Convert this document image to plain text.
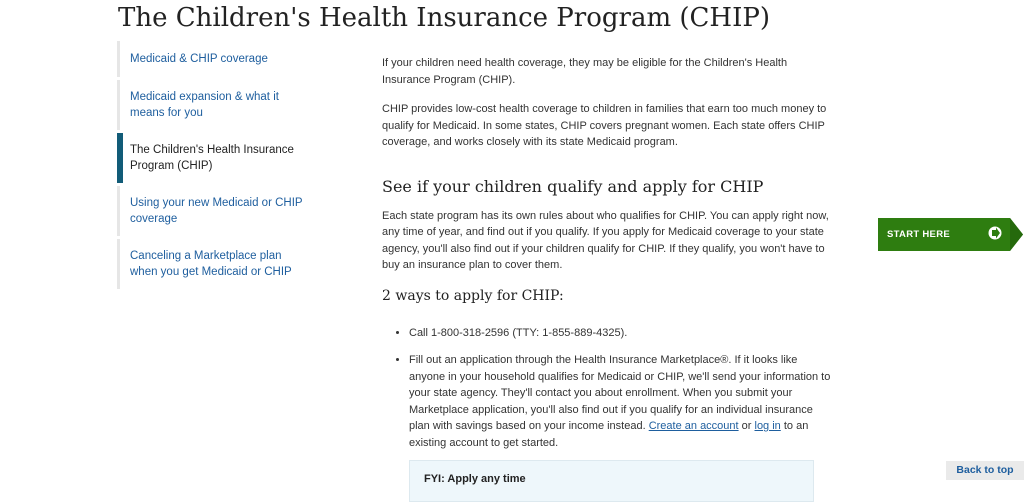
The Children's Health Insurance Program (CHIP)
Medicaid & CHIP coverage
Medicaid expansion & what it means for you
The Children's Health Insurance Program (CHIP)
Using your new Medicaid or CHIP coverage
Canceling a Marketplace plan when you get Medicaid or CHIP

If your children need health coverage, they may be eligible for the Children's Health Insurance Program (CHIP).

CHIP provides low-cost health coverage to children in families that earn too much money to qualify for Medicaid. In some states, CHIP covers pregnant women. Each state offers CHIP coverage, and works closely with its state Medicaid program.

See if your children qualify and apply for CHIP

Each state program has its own rules about who qualifies for CHIP. You can apply right now, any time of year, and find out if you qualify. If you apply for Medicaid coverage to your state agency, you'll also find out if your children qualify for CHIP. If they qualify, you won't have to buy an insurance plan to cover them.

2 ways to apply for CHIP:
• Call 1-800-318-2596 (TTY: 1-855-889-4325).
• Fill out an application through the Health Insurance Marketplace®. If it looks like anyone in your household qualifies for Medicaid or CHIP, we'll send your information to your state agency. They'll contact you about enrollment. When you submit your Marketplace application, you'll also find out if you qualify for an individual insurance plan with savings based on your income instead. Create an account or log in to an existing account to get started.
FYI: Apply any time
START HERE
Back to top
